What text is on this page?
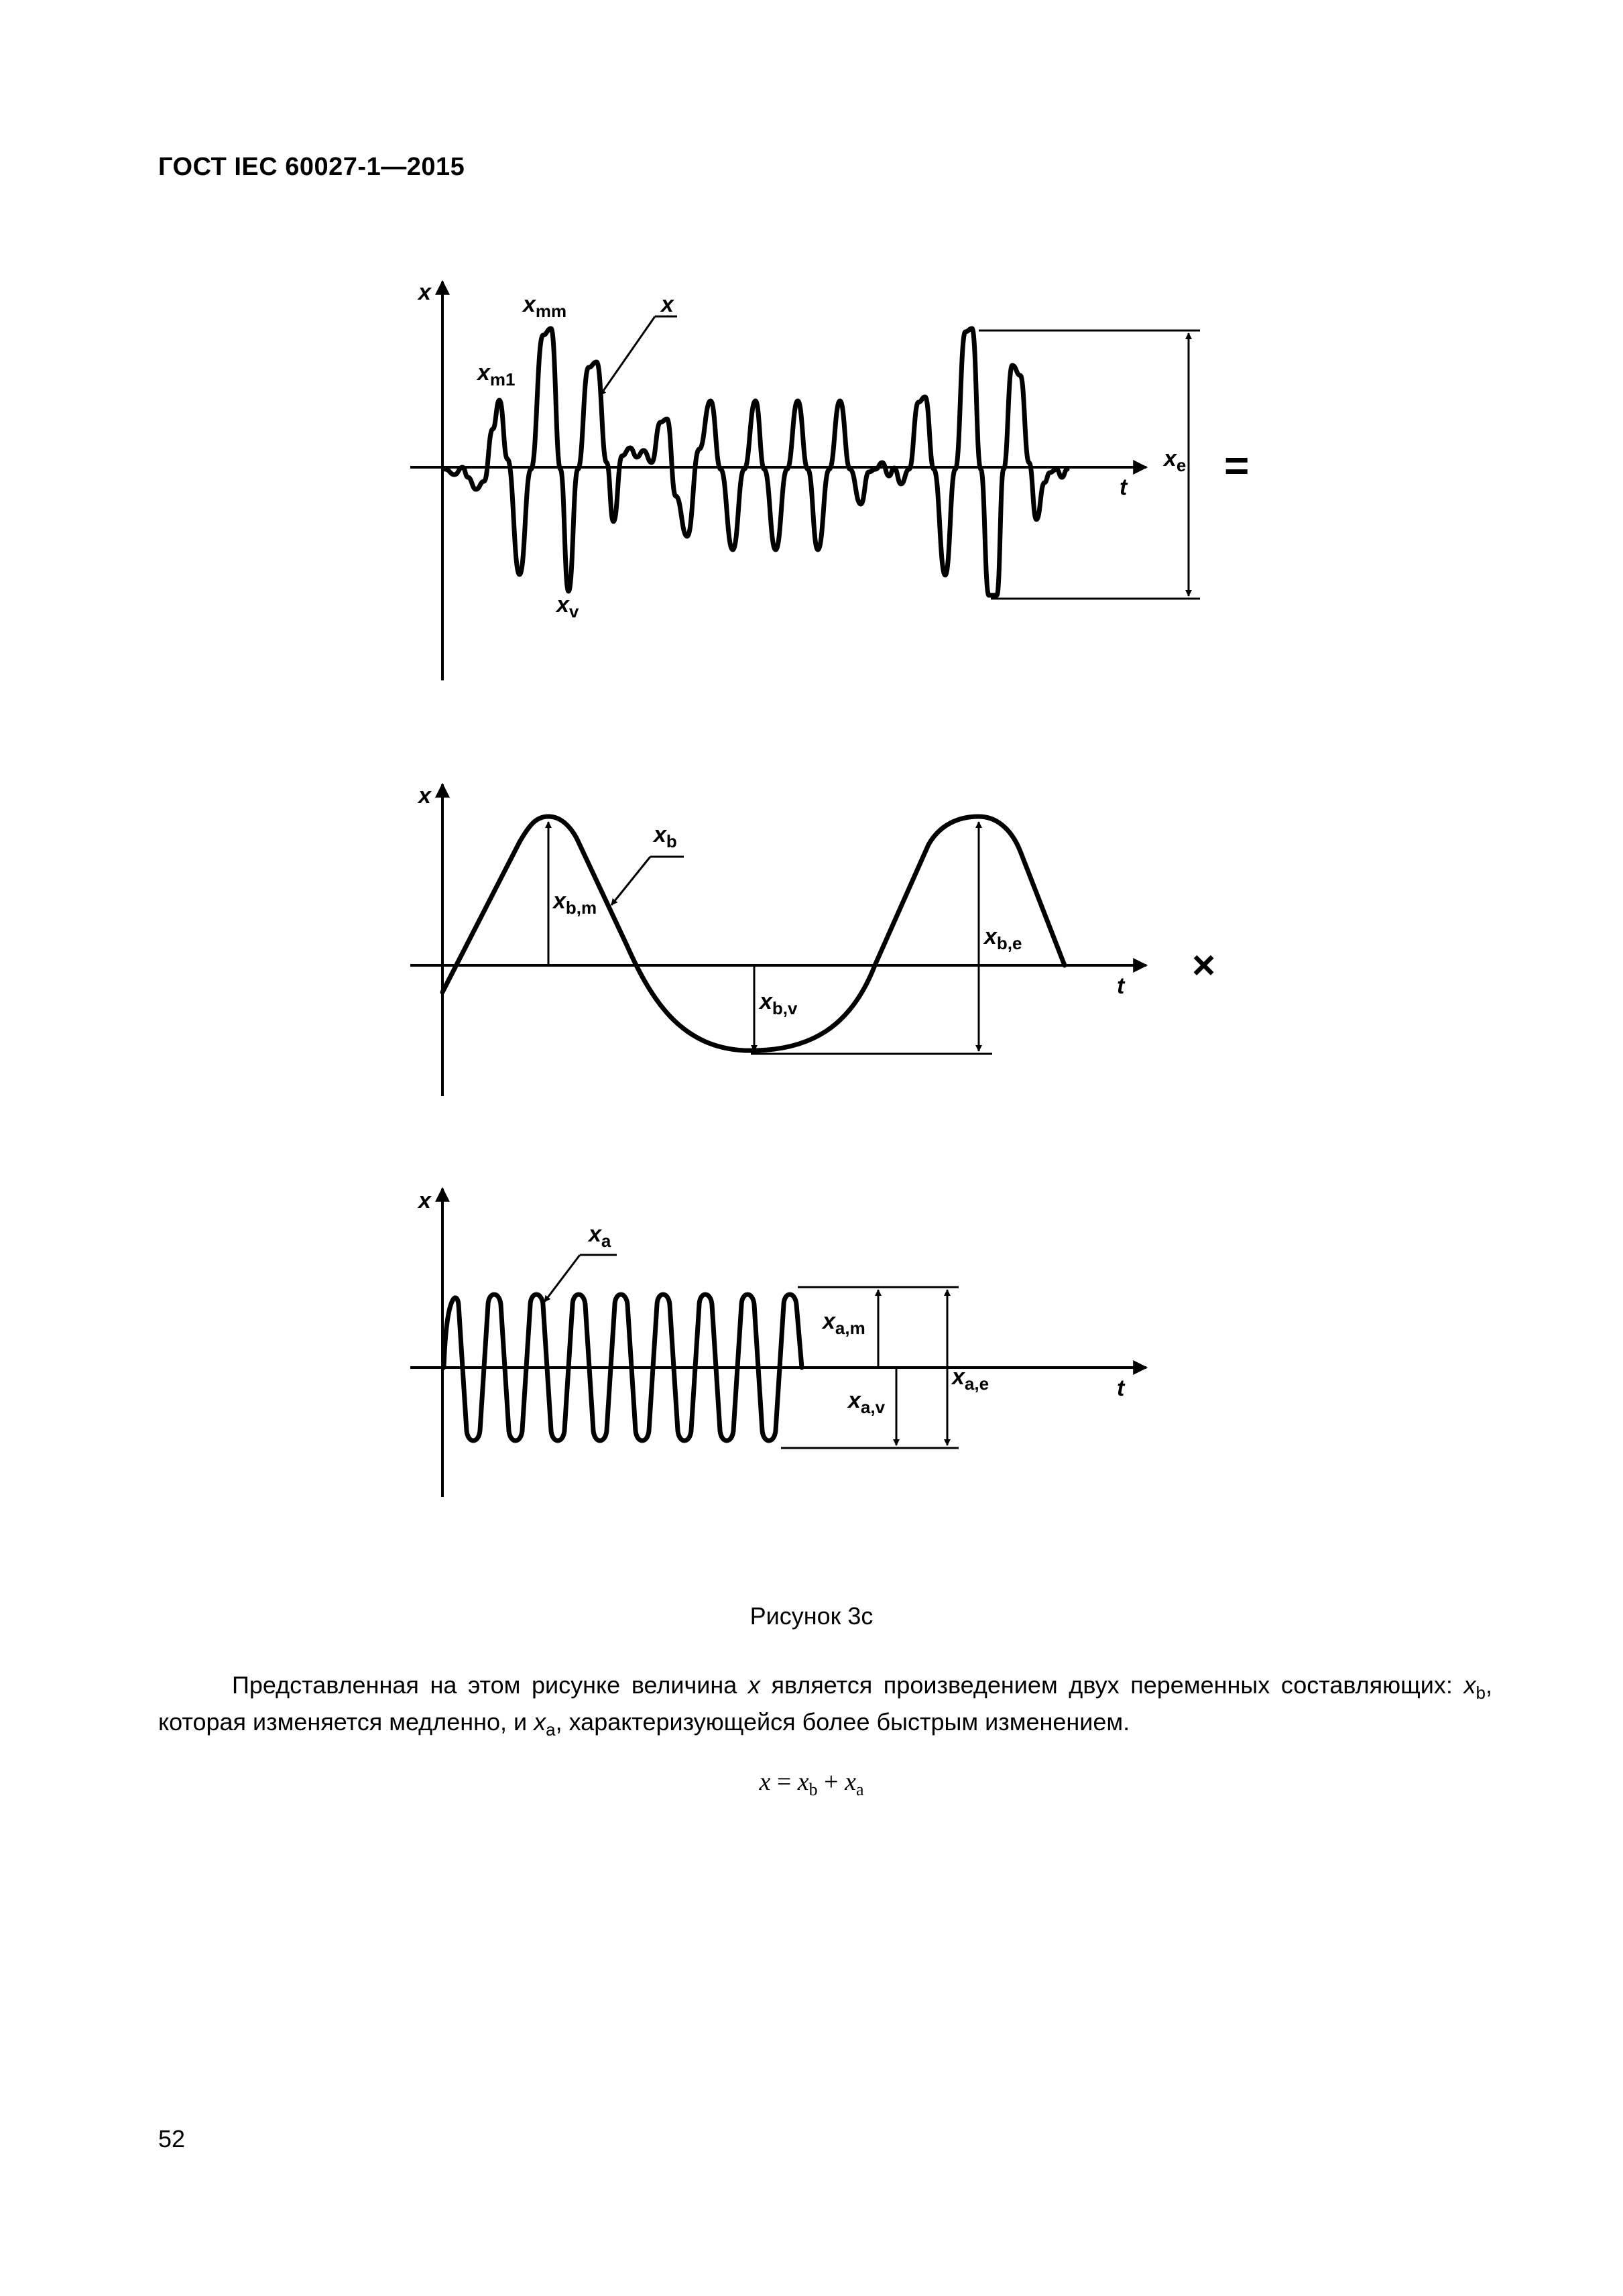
ГОСТ IEC 60027-1—2015
x
t
$x_{mm}$
$x_{m1}$
$x_v$
x
$x_e$ =
x
t
$x_b$
$x_{b,m}$
$x_{b,v}$
$x_{b,e}$	×
x
t
$x_a$
$x_{a,m}$
$x_{a,v}$
$x_{a,e}$
Рисунок 3с
Представленная на этом рисунке величина x является произведением двух переменных составляющих: $x_b$, которая изменяется медленно, и $x_a$, характеризующейся более быстрым изменением.
$x = x_b + x_a$
52
